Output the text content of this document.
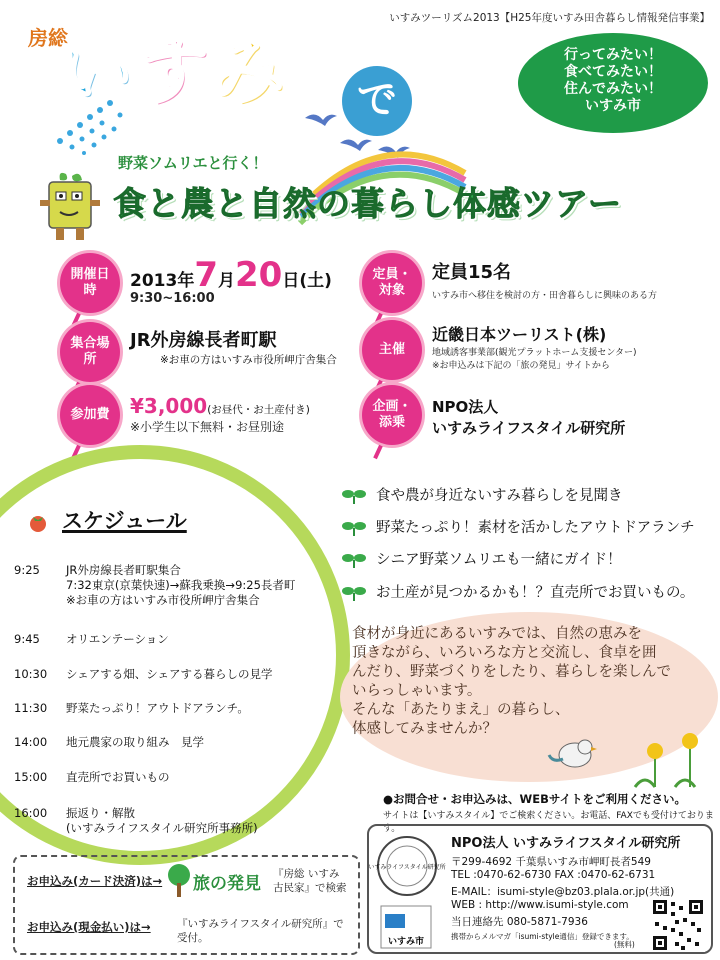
いすみツーリズム2013【H25年度いすみ田舎暮らし情報発信事業】
房総
いすみ	で
行ってみたい！
食べてみたい！
住んでみたい！
いすみ市
野菜ソムリエと行く！
食と農と自然の暮らし体感ツアー
開催日時	2013年7月20日(土)
9:30~16:00
集合場所
JR外房線長者町駅
※お車の方はいすみ市役所岬庁舎集合
参加費	¥3,000(お昼代・お土産付き)
※小学生以下無料・お昼別途
定員・対象
定員15名
いすみ市へ移住を検討の方・田舎暮らしに興味のある方
主催
近畿日本ツーリスト(株)
地域誘客事業部(観光プラットホーム支援センター)
※お申込みは下記の「旅の発見」サイトから
企画・添乗
NPO法人
いすみライフスタイル研究所
スケジュール

9:25 JR外房線長者町駅集合
7:32東京(京葉快速)→蘇我乗換→9:25長者町
※お車の方はいすみ市役所岬庁舎集合

9:45 オリエンテーション

10:30 シェアする畑、シェアする暮らしの見学

11:30 野菜たっぷり！アウトドアランチ。

14:00 地元農家の取り組み　見学

15:00 直売所でお買いもの

16:00 振返り・解散
(いすみライフスタイル研究所事務所)

食や農が身近ないすみ暮らしを見聞き
野菜たっぷり！素材を活かしたアウトドアランチ
シニア野菜ソムリエも一緒にガイド！
お土産が見つかるかも！？直売所でお買いもの。
食材が身近にあるいすみでは、自然の恵みを
頂きながら、いろいろな方と交流し、食卓を囲
んだり、野菜づくりをしたり、暮らしを楽しんで
いらっしゃいます。
そんな「あたりまえ」の暮らし、
体感してみませんか？
●お問合せ・お申込みは、WEBサイトをご利用ください。
サイトは【いすみスタイル】でご検索ください。お電話、FAXでも受付けております。
いすみライフスタイル研究所
いすみ市
NPO法人 いすみライフスタイル研究所
〒299-4692 千葉県いすみ市岬町長者549
TEL :0470-62-6730 FAX :0470-62-6731
E-MAIL：isumi-style@bz03.plala.or.jp(共通)
WEB : http://www.isumi-style.com
当日連絡先 080-5871-7936
携帯からメルマガ「isumi-style通信」登録できます。
(無料)
お申込み(カード決済)は→ 旅の発見 『房総 いすみ
古民家』で検索
お申込み(現金払い)は→	『いすみライフスタイル研究所』で
受付。
